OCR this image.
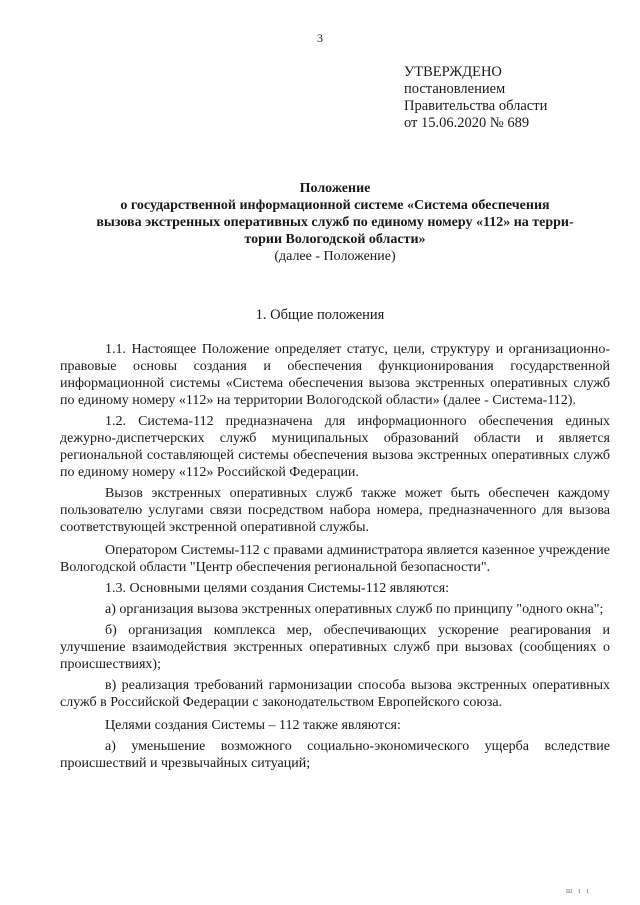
3
УТВЕРЖДЕНО
постановлением
Правительства области
от 15.06.2020 № 689
Положение
о государственной информационной системе «Система обеспечения
вызова экстренных оперативных служб по единому номеру «112» на терри-
тории Вологодской области»
(далее - Положение)
1. Общие положения
1.1. Настоящее Положение определяет статус, цели, структуру и организационно-правовые основы создания и обеспечения функционирования государственной информационной системы «Система обеспечения вызова экстренных оперативных служб по единому номеру «112» на территории Вологодской области» (далее - Система-112).
1.2. Система-112 предназначена для информационного обеспечения единых дежурно-диспетчерских служб муниципальных образований области и является региональной составляющей системы обеспечения вызова экстренных оперативных служб по единому номеру «112» Российской Федерации.
Вызов экстренных оперативных служб также может быть обеспечен каждому пользователю услугами связи посредством набора номера, предназначенного для вызова соответствующей экстренной оперативной службы.
Оператором Системы-112 с правами администратора является казенное учреждение Вологодской области "Центр обеспечения региональной безопасности".
1.3. Основными целями создания Системы-112 являются:
а) организация вызова экстренных оперативных служб по принципу "одного окна";
б) организация комплекса мер, обеспечивающих ускорение реагирования и улучшение взаимодействия экстренных оперативных служб при вызовах (сообщениях о происшествиях);
в) реализация требований гармонизации способа вызова экстренных оперативных служб в Российской Федерации с законодательством Европейского союза.
Целями создания Системы – 112 также являются:
а) уменьшение возможного социально-экономического ущерба вследствие происшествий и чрезвычайных ситуаций;
ш ı ı
